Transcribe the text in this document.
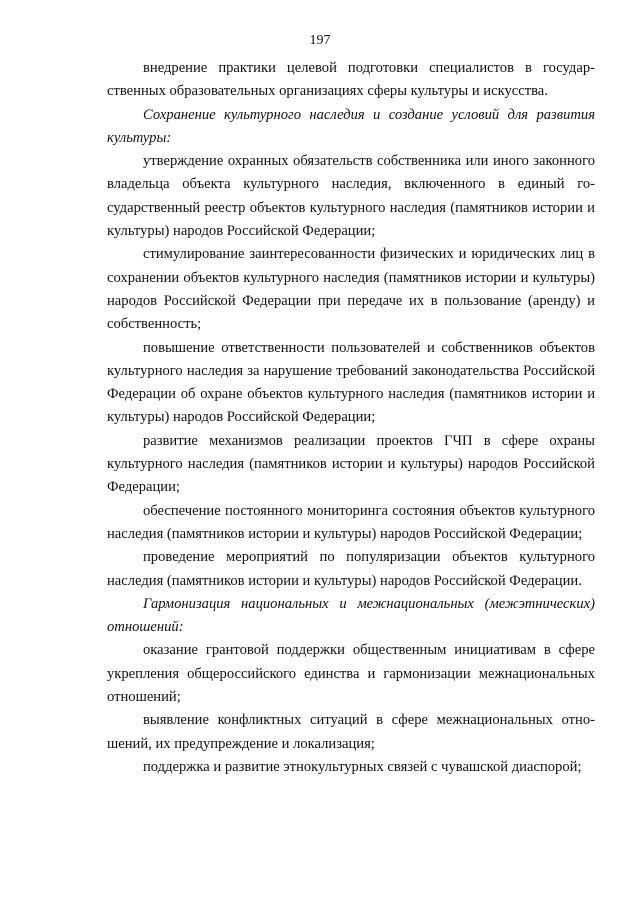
197

внедрение практики целевой подготовки специалистов в государственных образовательных организациях сферы культуры и искусства.

Сохранение культурного наследия и создание условий для развития культуры:

утверждение охранных обязательств собственника или иного законного владельца объекта культурного наследия, включенного в единый государственный реестр объектов культурного наследия (памятников истории и культуры) народов Российской Федерации;

стимулирование заинтересованности физических и юридических лиц в сохранении объектов культурного наследия (памятников истории и культуры) народов Российской Федерации при передаче их в пользование (аренду) и собственность;

повышение ответственности пользователей и собственников объектов культурного наследия за нарушение требований законодательства Российской Федерации об охране объектов культурного наследия (памятников истории и культуры) народов Российской Федерации;

развитие механизмов реализации проектов ГЧП в сфере охраны культурного наследия (памятников истории и культуры) народов Российской Федерации;

обеспечение постоянного мониторинга состояния объектов культурного наследия (памятников истории и культуры) народов Российской Федерации;

проведение мероприятий по популяризации объектов культурного наследия (памятников истории и культуры) народов Российской Федерации.

Гармонизация национальных и межнациональных (межэтнических) отношений:

оказание грантовой поддержки общественным инициативам в сфере укрепления общероссийского единства и гармонизации межнациональных отношений;

выявление конфликтных ситуаций в сфере межнациональных отношений, их предупреждение и локализация;

поддержка и развитие этнокультурных связей с чувашской диаспорой;
